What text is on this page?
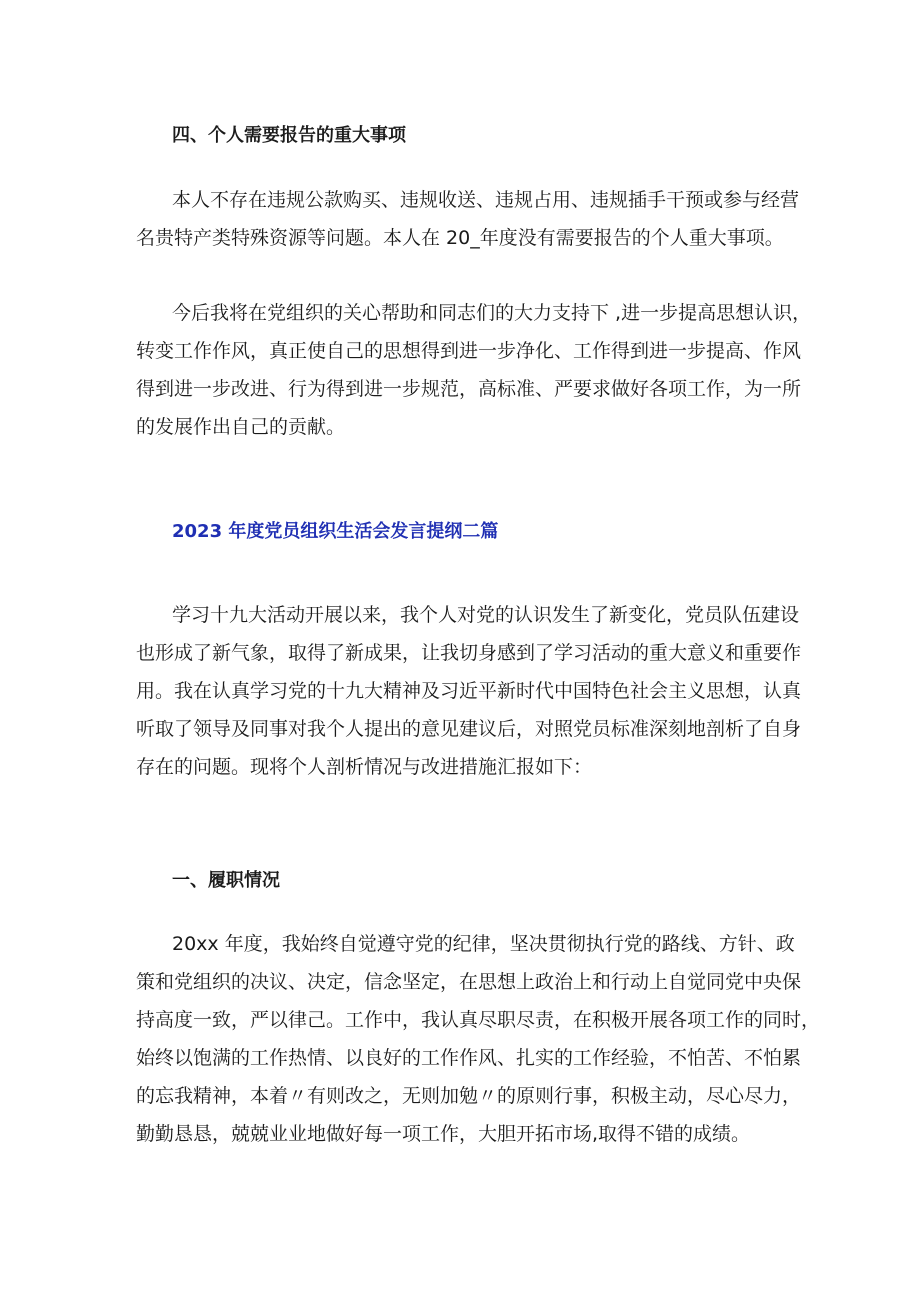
四、个人需要报告的重大事项

本人不存在违规公款购买、违规收送、违规占用、违规插手干预或参与经营
名贵特产类特殊资源等问题。本人在 20_年度没有需要报告的个人重大事项。

今后我将在党组织的关心帮助和同志们的大力支持下 ,进一步提高思想认识，
转变工作作风，真正使自己的思想得到进一步净化、工作得到进一步提高、作风
得到进一步改进、行为得到进一步规范，高标准、严要求做好各项工作，为一所
的发展作出自己的贡献。

2023 年度党员组织生活会发言提纲二篇

学习十九大活动开展以来，我个人对党的认识发生了新变化，党员队伍建设
也形成了新气象，取得了新成果，让我切身感到了学习活动的重大意义和重要作
用。我在认真学习党的十九大精神及习近平新时代中国特色社会主义思想，认真
听取了领导及同事对我个人提出的意见建议后，对照党员标准深刻地剖析了自身
存在的问题。现将个人剖析情况与改进措施汇报如下：

一、履职情况

20xx 年度，我始终自觉遵守党的纪律，坚决贯彻执行党的路线、方针、政
策和党组织的决议、决定，信念坚定，在思想上政治上和行动上自觉同党中央保
持高度一致，严以律己。工作中，我认真尽职尽责，在积极开展各项工作的同时，
始终以饱满的工作热情、以良好的工作作风、扎实的工作经验，不怕苦、不怕累
的忘我精神，本着〃有则改之，无则加勉〃的原则行事，积极主动，尽心尽力，
勤勤恳恳，兢兢业业地做好每一项工作，大胆开拓市场,取得不错的成绩。
